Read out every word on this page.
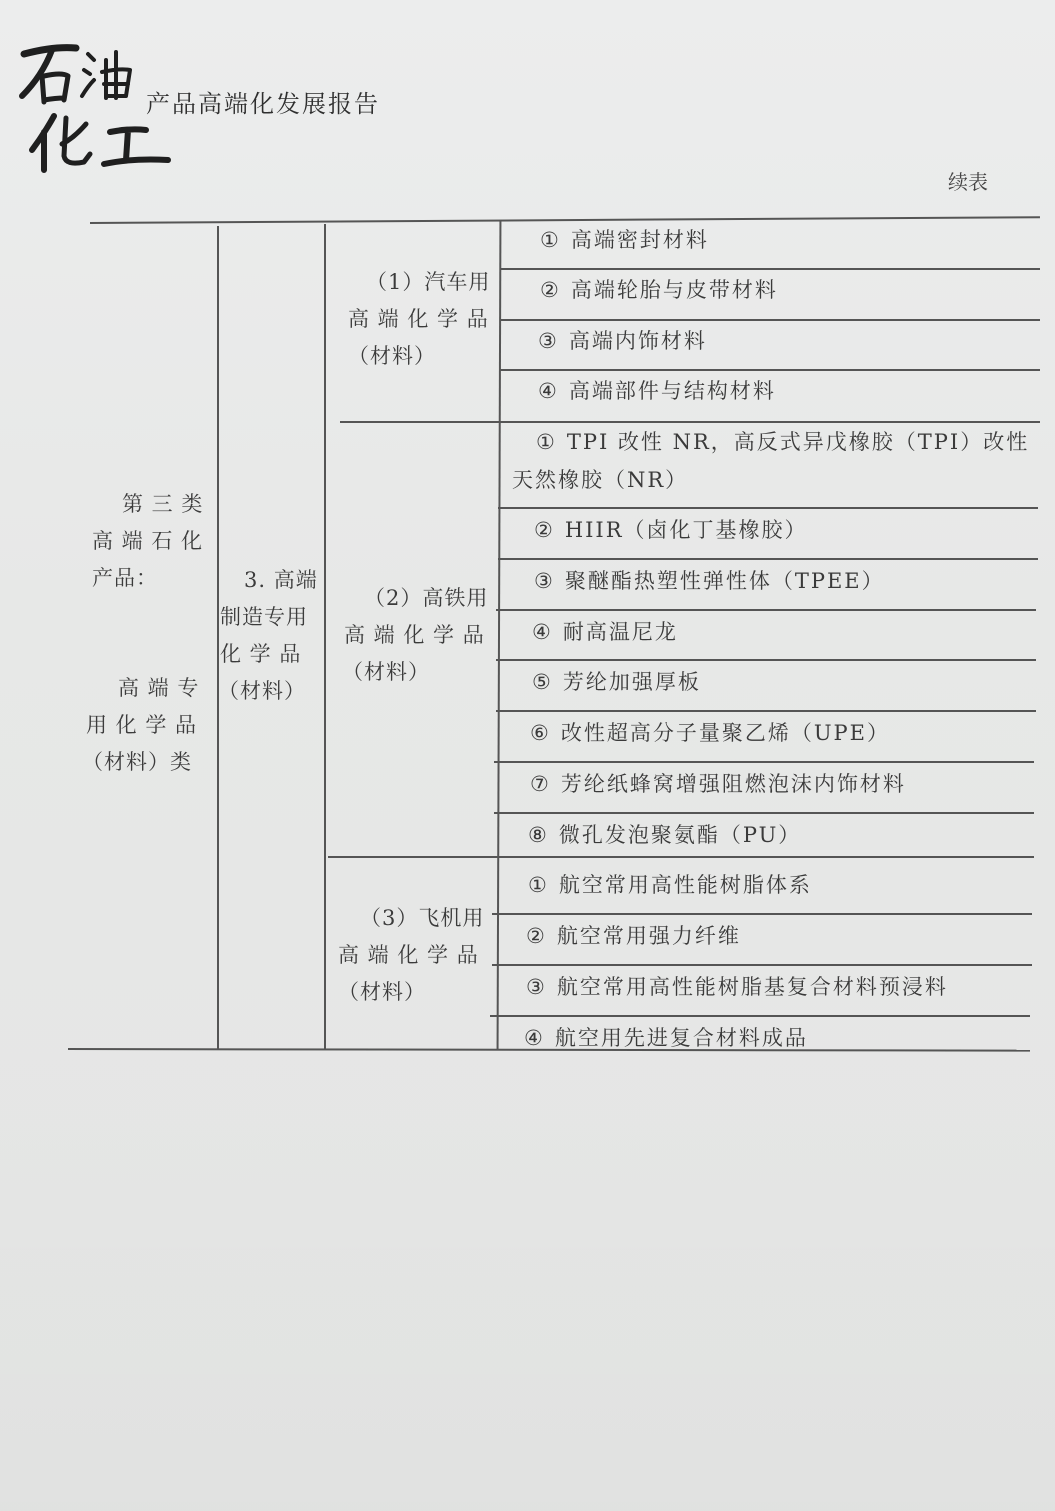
产品高端化发展报告
续表
第 三 类
高 端 石 化
产品：
高 端 专
用 化 学 品
（材料）类
3. 高端
制造专用
化 学 品
（材料）
（1）汽车用
高 端 化 学 品
（材料）
（2）高铁用
高 端 化 学 品
（材料）
（3）飞机用
高 端 化 学 品
（材料）
① 高端密封材料
② 高端轮胎与皮带材料
③ 高端内饰材料
④ 高端部件与结构材料
① TPI 改性 NR，高反式异戊橡胶（TPI）改性
天然橡胶（NR）
② HIIR（卤化丁基橡胶）
③ 聚醚酯热塑性弹性体（TPEE）
④ 耐高温尼龙
⑤ 芳纶加强厚板
⑥ 改性超高分子量聚乙烯（UPE）
⑦ 芳纶纸蜂窝增强阻燃泡沫内饰材料
⑧ 微孔发泡聚氨酯（PU）
① 航空常用高性能树脂体系
② 航空常用强力纤维
③ 航空常用高性能树脂基复合材料预浸料
④ 航空用先进复合材料成品
